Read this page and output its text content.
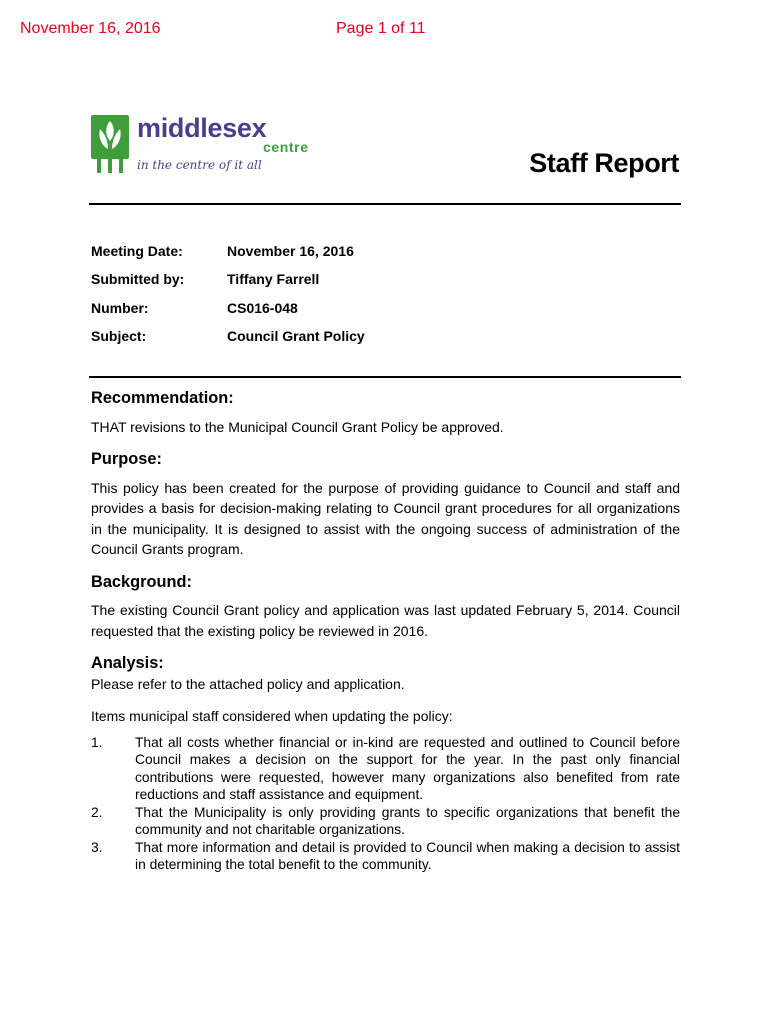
November 16, 2016	Page 1 of 11
middlesex
centre
in the centre of it all	Staff Report
Meeting Date:	November 16, 2016
Submitted by:	Tiffany Farrell
Number:	CS016-048
Subject:	Council Grant Policy
Recommendation:

THAT revisions to the Municipal Council Grant Policy be approved.

Purpose:

This policy has been created for the purpose of providing guidance to Council and staff and provides a basis for decision-making relating to Council grant procedures for all organizations in the municipality. It is designed to assist with the ongoing success of administration of the Council Grants program.

Background:

The existing Council Grant policy and application was last updated February 5, 2014. Council requested that the existing policy be reviewed in 2016.

Analysis:

Please refer to the attached policy and application.

Items municipal staff considered when updating the policy:

1.	That all costs whether financial or in-kind are requested and outlined to Council before Council makes a decision on the support for the year. In the past only financial contributions were requested, however many organizations also benefited from rate reductions and staff assistance and equipment.
2.	That the Municipality is only providing grants to specific organizations that benefit the community and not charitable organizations.
3.	That more information and detail is provided to Council when making a decision to assist in determining the total benefit to the community.
